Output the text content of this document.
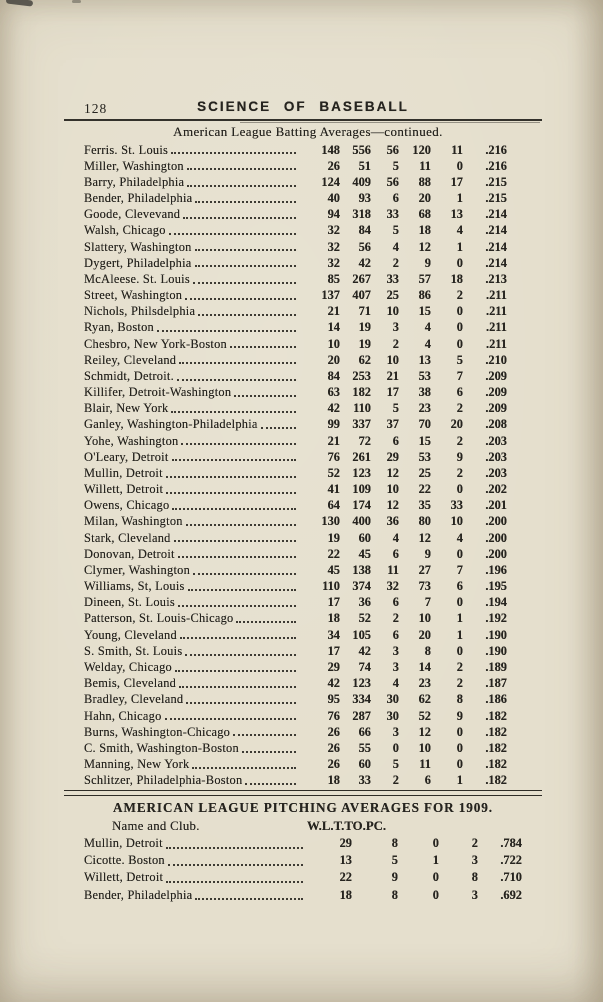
128	SCIENCE OF BASEBALL
American League Batting Averages—continued.
Ferris. St. Louis	148	556	56	120	11	.216
Miller, Washington	26	51	5	11	0	.216
Barry, Philadelphia	124	409	56	88	17	.215
Bender, Philadelphia	40	93	6	20	1	.215
Goode, Clevevand	94	318	33	68	13	.214
Walsh, Chicago	32	84	5	18	4	.214
Slattery, Washington	32	56	4	12	1	.214
Dygert, Philadelphia	32	42	2	9	0	.214
McAleese. St. Louis	85	267	33	57	18	.213
Street, Washington	137	407	25	86	2	.211
Nichols, Philsdelphia	21	71	10	15	0	.211
Ryan, Boston	14	19	3	4	0	.211
Chesbro, New York-Boston	10	19	2	4	0	.211
Reiley, Cleveland	20	62	10	13	5	.210
Schmidt, Detroit.	84	253	21	53	7	.209
Killifer, Detroit-Washington	63	182	17	38	6	.209
Blair, New York	42	110	5	23	2	.209
Ganley, Washington-Philadelphia	99	337	37	70	20	.208
Yohe, Washington	21	72	6	15	2	.203
O'Leary, Detroit	76	261	29	53	9	.203
Mullin, Detroit	52	123	12	25	2	.203
Willett, Detroit	41	109	10	22	0	.202
Owens, Chicago	64	174	12	35	33	.201
Milan, Washington	130	400	36	80	10	.200
Stark, Cleveland	19	60	4	12	4	.200
Donovan, Detroit	22	45	6	9	0	.200
Clymer, Washington	45	138	11	27	7	.196
Williams, St, Louis	110	374	32	73	6	.195
Dineen, St. Louis	17	36	6	7	0	.194
Patterson, St. Louis-Chicago	18	52	2	10	1	.192
Young, Cleveland	34	105	6	20	1	.190
S. Smith, St. Louis	17	42	3	8	0	.190
Welday, Chicago	29	74	3	14	2	.189
Bemis, Cleveland	42	123	4	23	2	.187
Bradley, Cleveland	95	334	30	62	8	.186
Hahn, Chicago	76	287	30	52	9	.182
Burns, Washington-Chicago	26	66	3	12	0	.182
C. Smith, Washington-Boston	26	55	0	10	0	.182
Manning, New York	26	60	5	11	0	.182
Schlitzer, Philadelphia-Boston	18	33	2	6	1	.182
AMERICAN LEAGUE PITCHING AVERAGES FOR 1909.
Name and Club.	W. L. T. TO. PC.
Mullin, Detroit	29	8	0	2	.784
Cicotte. Boston	13	5	1	3	.722
Willett, Detroit	22	9	0	8	.710
Bender, Philadelphia	18	8	0	3	.692
